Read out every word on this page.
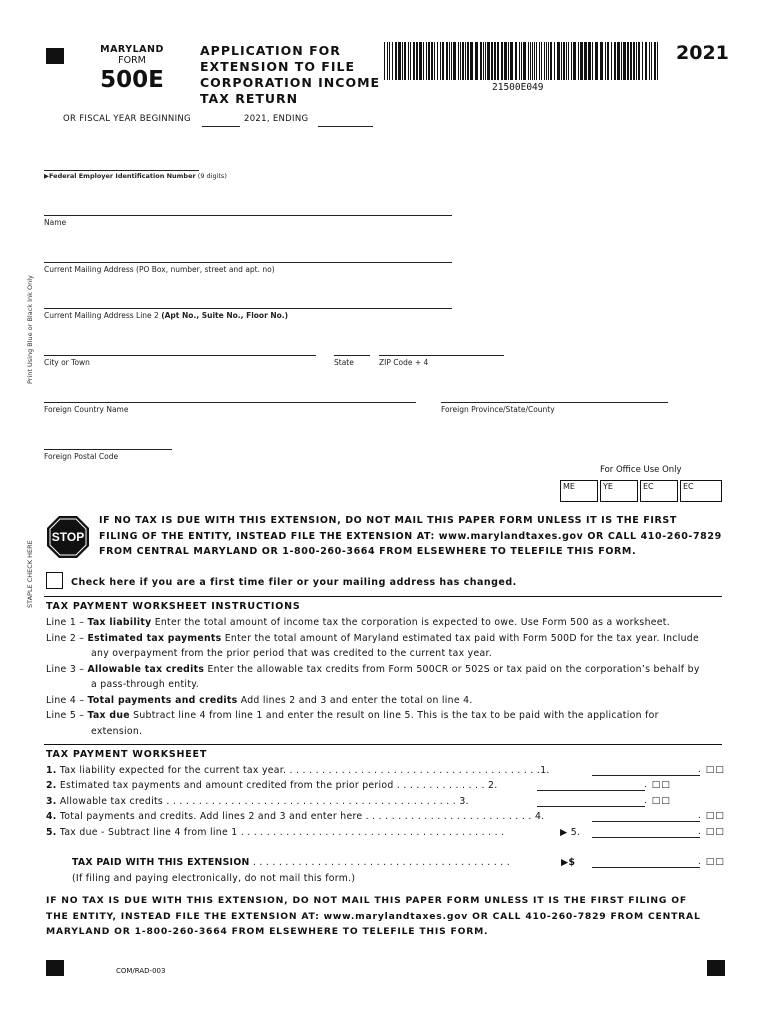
MARYLAND
FORM
500E
APPLICATION FOR
EXTENSION TO FILE
CORPORATION INCOME
TAX RETURN
21500E049
2021
OR FISCAL YEAR BEGINNING	2021, ENDING
Print Using Blue or Black Ink Only
STAPLE CHECK HERE
▶Federal Employer Identification Number (9 digits)
Name
Current Mailing Address (PO Box, number, street and apt. no)
Current Mailing Address Line 2 (Apt No., Suite No., Floor No.)
City or Town	State	ZIP Code + 4
Foreign Country Name	Foreign Province/State/County
Foreign Postal Code
For Office Use Only
ME	YE	EC	EC
STOP
IF NO TAX IS DUE WITH THIS EXTENSION, DO NOT MAIL THIS PAPER FORM UNLESS IT IS THE FIRST
FILING OF THE ENTITY, INSTEAD FILE THE EXTENSION AT: www.marylandtaxes.gov OR CALL 410-260-7829
FROM CENTRAL MARYLAND OR 1-800-260-3664 FROM ELSEWHERE TO TELEFILE THIS FORM.
Check here if you are a first time filer or your mailing address has changed.
TAX PAYMENT WORKSHEET INSTRUCTIONS
Line 1 – Tax liability Enter the total amount of income tax the corporation is expected to owe. Use Form 500 as a worksheet.
Line 2 – Estimated tax payments Enter the total amount of Maryland estimated tax paid with Form 500D for the tax year. Include
any overpayment from the prior period that was credited to the current tax year.
Line 3 – Allowable tax credits Enter the allowable tax credits from Form 500CR or 502S or tax paid on the corporation’s behalf by
a pass-through entity.
Line 4 – Total payments and credits Add lines 2 and 3 and enter the total on line 4.
Line 5 – Tax due Subtract line 4 from line 1 and enter the result on line 5. This is the tax to be paid with the application for
extension.
TAX PAYMENT WORKSHEET
1. Tax liability expected for the current tax year. . . . . . . . . . . . . . . . . . . . . . . . . . . . . . . . . . . . . . . .1.	. □□
2. Estimated tax payments and amount credited from the prior period . . . . . . . . . . . . . . 2.	. □□
3. Allowable tax credits . . . . . . . . . . . . . . . . . . . . . . . . . . . . . . . . . . . . . . . . . . . . . 3.	. □□
4. Total payments and credits. Add lines 2 and 3 and enter here . . . . . . . . . . . . . . . . . . . . . . . . . . 4.	. □□
5. Tax due - Subtract line 4 from line 1 . . . . . . . . . . . . . . . . . . . . . . . . . . . . . . . . . . . . . . . . .	▶ 5.	. □□
TAX PAID WITH THIS EXTENSION . . . . . . . . . . . . . . . . . . . . . . . . . . . . . . . . . . . . . . . .	▶$	. □□
(If filing and paying electronically, do not mail this form.)
IF NO TAX IS DUE WITH THIS EXTENSION, DO NOT MAIL THIS PAPER FORM UNLESS IT IS THE FIRST FILING OF
THE ENTITY, INSTEAD FILE THE EXTENSION AT: www.marylandtaxes.gov OR CALL 410-260-7829 FROM CENTRAL
MARYLAND OR 1-800-260-3664 FROM ELSEWHERE TO TELEFILE THIS FORM.
COM/RAD-003
